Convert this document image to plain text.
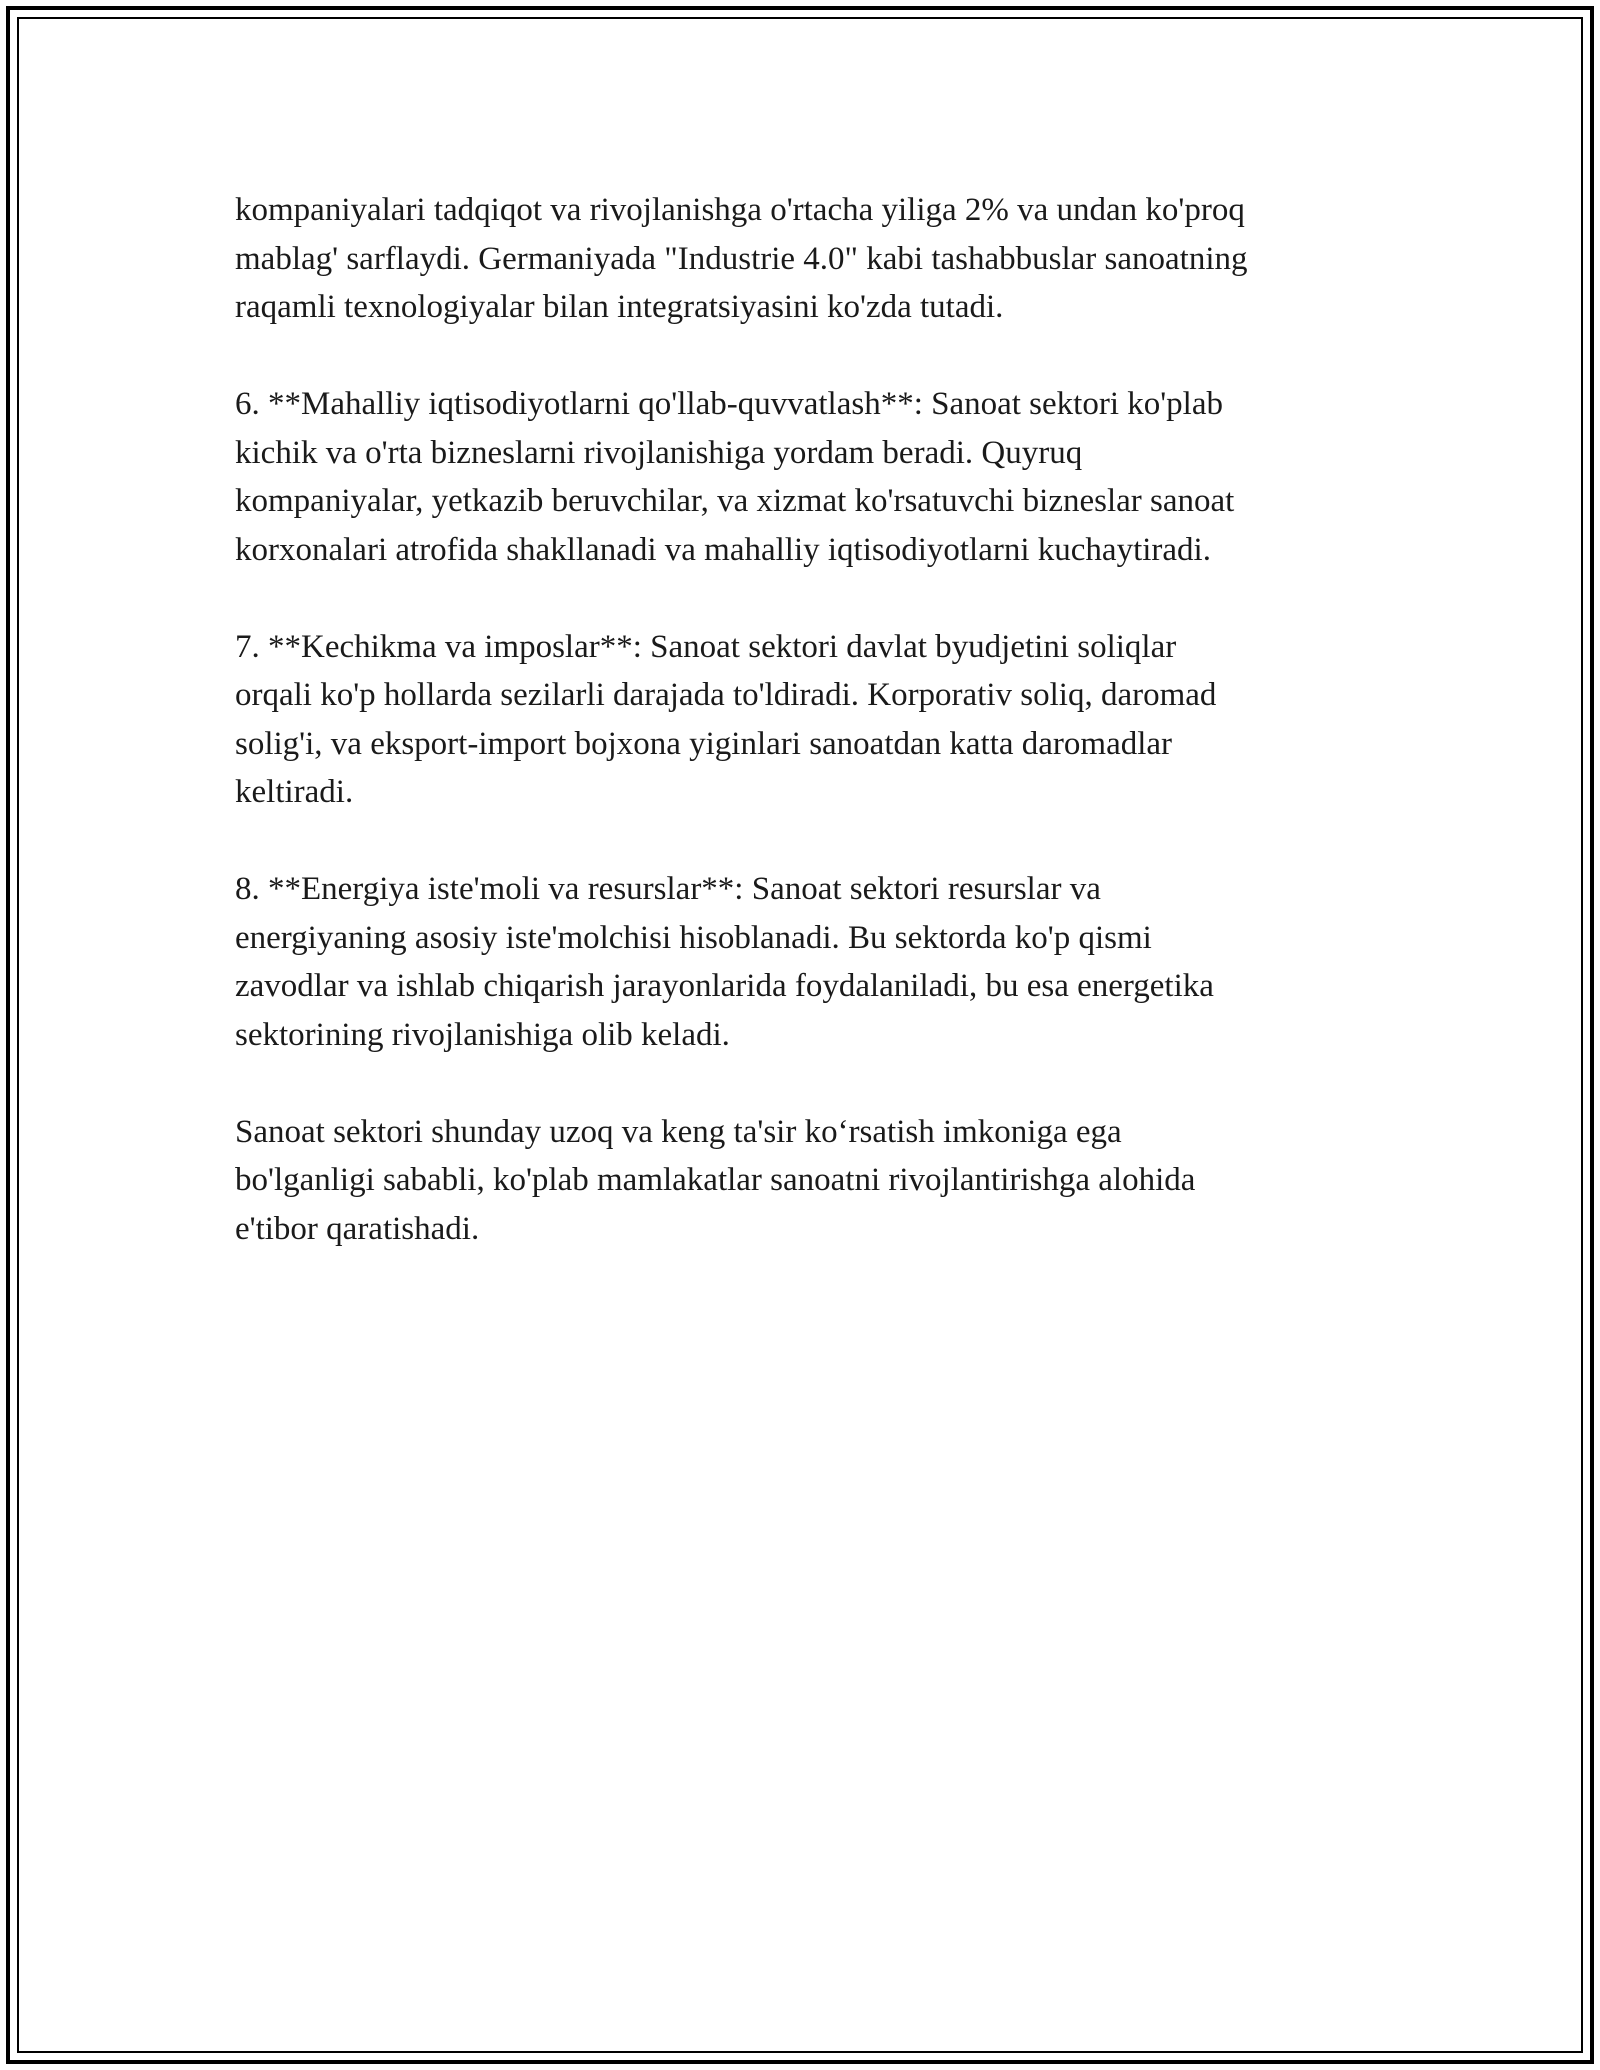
kompaniyalari tadqiqot va rivojlanishga o'rtacha yiliga 2% va undan ko'proq
mablag' sarflaydi. Germaniyada "Industrie 4.0" kabi tashabbuslar sanoatning
raqamli texnologiyalar bilan integratsiyasini ko'zda tutadi.

6. **Mahalliy iqtisodiyotlarni qo'llab-quvvatlash**: Sanoat sektori ko'plab
kichik va o'rta bizneslarni rivojlanishiga yordam beradi. Quyruq
kompaniyalar, yetkazib beruvchilar, va xizmat ko'rsatuvchi bizneslar sanoat
korxonalari atrofida shakllanadi va mahalliy iqtisodiyotlarni kuchaytiradi.

7. **Kechikma va imposlar**: Sanoat sektori davlat byudjetini soliqlar
orqali ko'p hollarda sezilarli darajada to'ldiradi. Korporativ soliq, daromad
solig'i, va eksport-import bojxona yiginlari sanoatdan katta daromadlar
keltiradi.

8. **Energiya iste'moli va resurslar**: Sanoat sektori resurslar va
energiyaning asosiy iste'molchisi hisoblanadi. Bu sektorda ko'p qismi
zavodlar va ishlab chiqarish jarayonlarida foydalaniladi, bu esa energetika
sektorining rivojlanishiga olib keladi.

Sanoat sektori shunday uzoq va keng ta'sir ko‘rsatish imkoniga ega
bo'lganligi sababli, ko'plab mamlakatlar sanoatni rivojlantirishga alohida
e'tibor qaratishadi.
